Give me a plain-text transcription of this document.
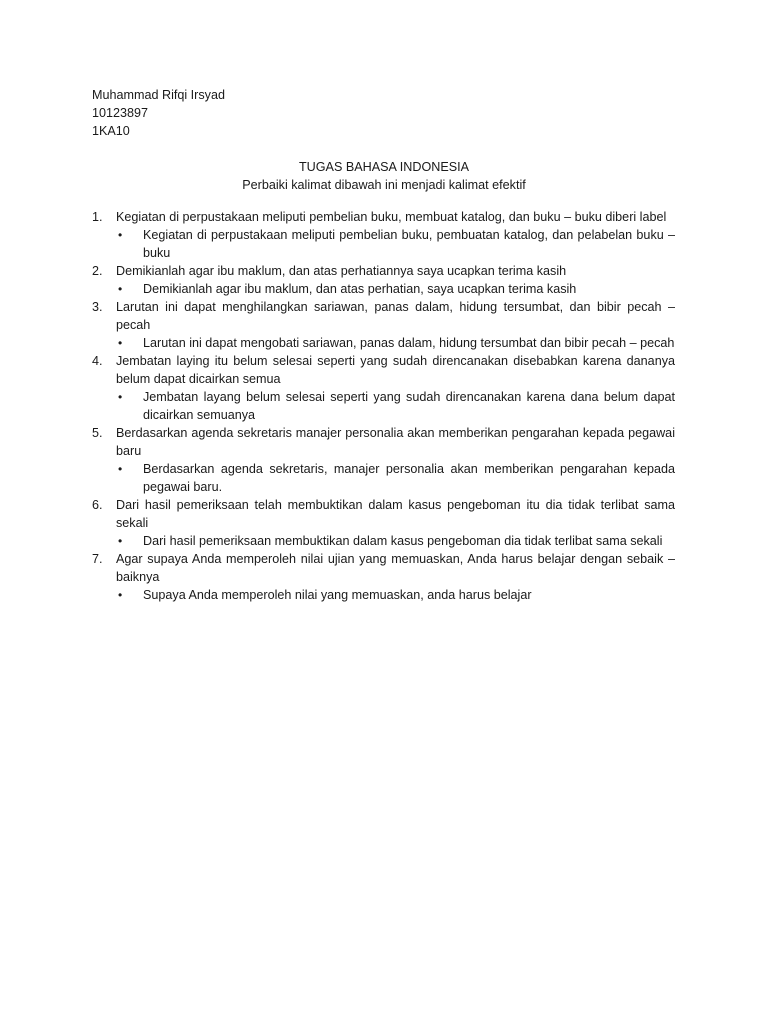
Muhammad Rifqi Irsyad
10123897
1KA10
TUGAS BAHASA INDONESIA
Perbaiki kalimat dibawah ini menjadi kalimat efektif
1. Kegiatan di perpustakaan meliputi pembelian buku, membuat katalog, dan buku – buku diberi label
• Kegiatan di perpustakaan meliputi pembelian buku, pembuatan katalog, dan pelabelan buku – buku
2. Demikianlah agar ibu maklum, dan atas perhatiannya saya ucapkan terima kasih
• Demikianlah agar ibu maklum, dan atas perhatian, saya ucapkan terima kasih
3. Larutan ini dapat menghilangkan sariawan, panas dalam, hidung tersumbat, dan bibir pecah – pecah
• Larutan ini dapat mengobati sariawan, panas dalam, hidung tersumbat dan bibir pecah – pecah
4. Jembatan laying itu belum selesai seperti yang sudah direncanakan disebabkan karena dananya belum dapat dicairkan semua
• Jembatan layang belum selesai seperti yang sudah direncanakan karena dana belum dapat dicairkan semuanya
5. Berdasarkan agenda sekretaris manajer personalia akan memberikan pengarahan kepada pegawai baru
• Berdasarkan agenda sekretaris, manajer personalia akan memberikan pengarahan kepada pegawai baru.
6. Dari hasil pemeriksaan telah membuktikan dalam kasus pengeboman itu dia tidak terlibat sama sekali
• Dari hasil pemeriksaan membuktikan dalam kasus pengeboman dia tidak terlibat sama sekali
7. Agar supaya Anda memperoleh nilai ujian yang memuaskan, Anda harus belajar dengan sebaik – baiknya
• Supaya Anda memperoleh nilai yang memuaskan, anda harus belajar
